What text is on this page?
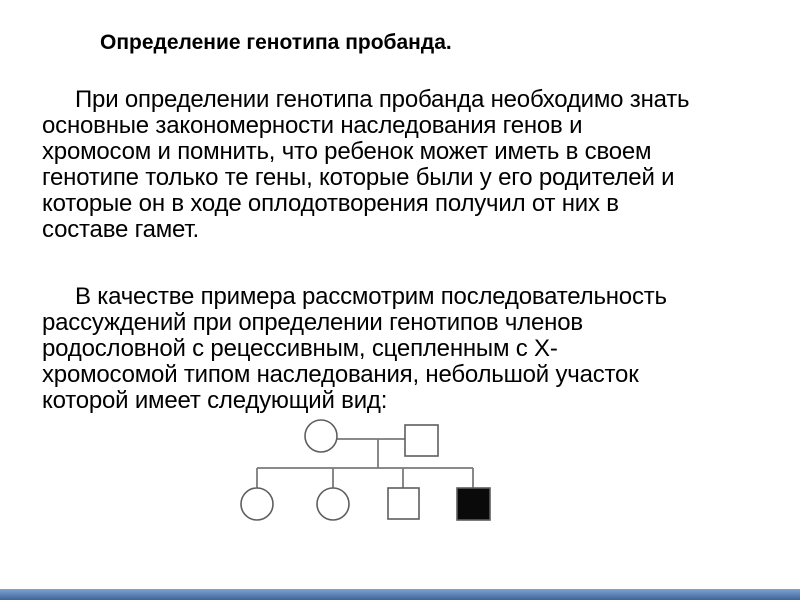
Определение генотипа пробанда.
При определении генотипа пробанда необходимо знать
основные закономерности наследования генов и
хромосом и помнить, что ребенок может иметь в своем
генотипе только те гены, которые были у его родителей и
которые он в ходе оплодотворения получил от них в
составе гамет.
В качестве примера рассмотрим последовательность
рассуждений при определении генотипов членов
родословной с рецессивным, сцепленным с Х-
хромосомой типом наследования, небольшой участок
которой имеет следующий вид:
